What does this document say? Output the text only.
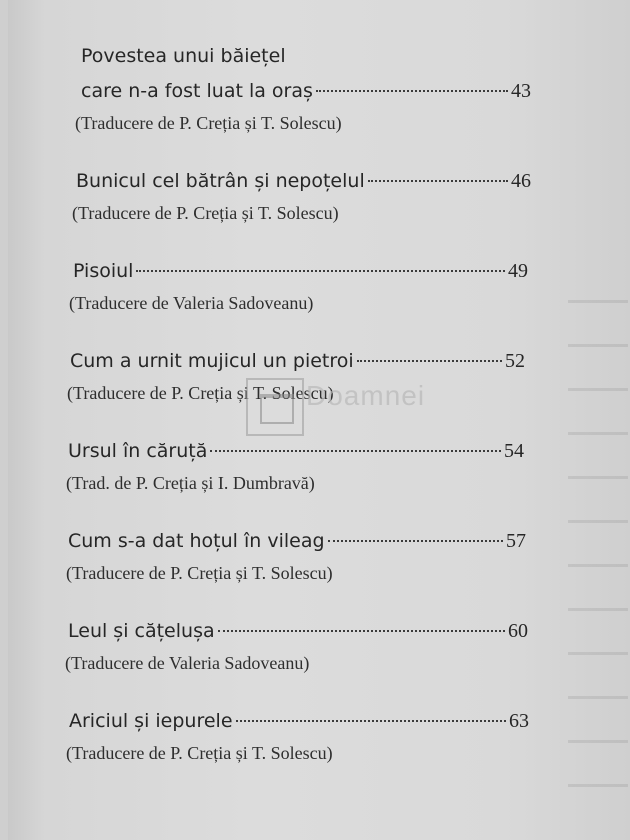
Povestea unui băiețel
care n-a fost luat la oraș	43
(Traducere de P. Creția și T. Solescu)
Bunicul cel bătrân și nepoțelul	46
(Traducere de P. Creția și T. Solescu)
Pisoiul	49
(Traducere de Valeria Sadoveanu)
Cum a urnit mujicul un pietroi	52
(Traducere de P. Creția și T. Solescu)
Ursul în căruță	54
(Trad. de P. Creția și I. Dumbravă)
Cum s-a dat hoțul în vileag	57
(Traducere de P. Creția și T. Solescu)
Leul și cățelușa	60
(Traducere de Valeria Sadoveanu)
Ariciul și iepurele	63
(Traducere de P. Creția și T. Solescu)
Doamnei
